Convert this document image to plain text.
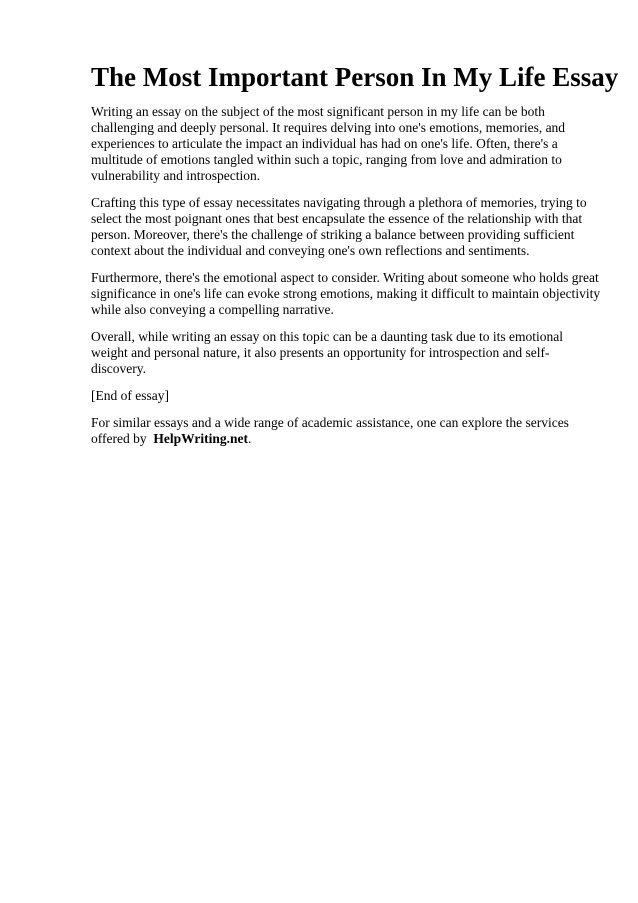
The Most Important Person In My Life Essay

Writing an essay on the subject of the most significant person in my life can be both challenging and deeply personal. It requires delving into one's emotions, memories, and experiences to articulate the impact an individual has had on one's life. Often, there's a multitude of emotions tangled within such a topic, ranging from love and admiration to vulnerability and introspection.

Crafting this type of essay necessitates navigating through a plethora of memories, trying to select the most poignant ones that best encapsulate the essence of the relationship with that person. Moreover, there's the challenge of striking a balance between providing sufficient context about the individual and conveying one's own reflections and sentiments.

Furthermore, there's the emotional aspect to consider. Writing about someone who holds great significance in one's life can evoke strong emotions, making it difficult to maintain objectivity while also conveying a compelling narrative.

Overall, while writing an essay on this topic can be a daunting task due to its emotional weight and personal nature, it also presents an opportunity for introspection and self-discovery.

[End of essay]

For similar essays and a wide range of academic assistance, one can explore the services offered by HelpWriting.net.
